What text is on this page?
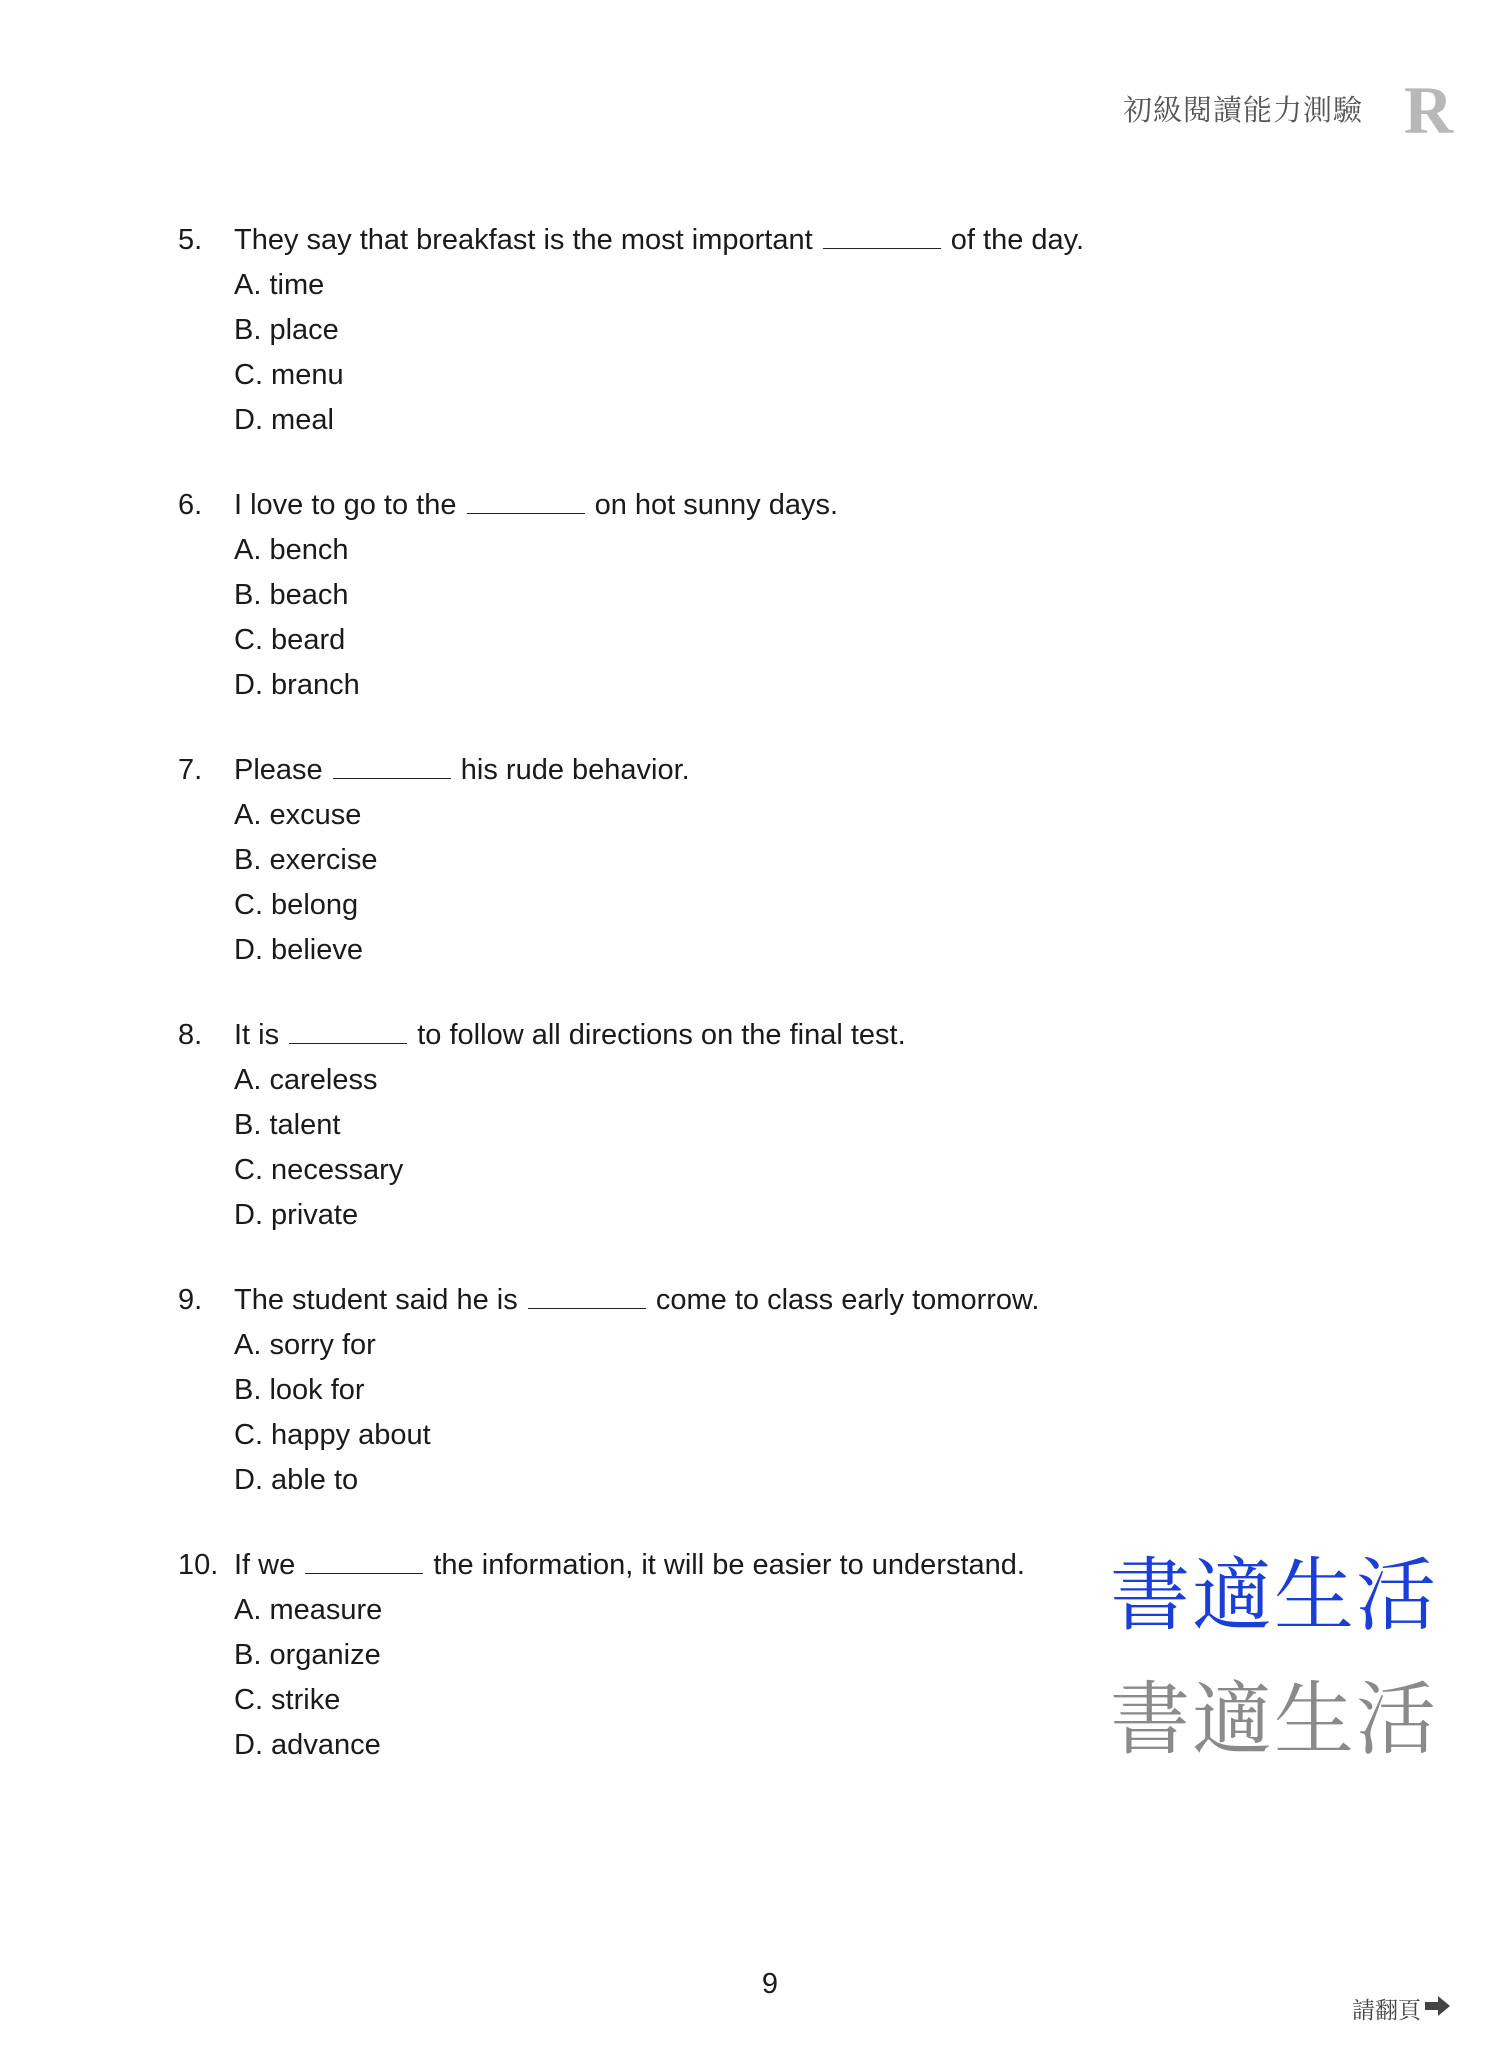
初級閱讀能力測驗 R
5. They say that breakfast is the most important	of the day.
A. time
B. place
C. menu
D. meal
6. I love to go to the	on hot sunny days.
A. bench
B. beach
C. beard
D. branch
7. Please	his rude behavior.
A. excuse
B. exercise
C. belong
D. believe
8. It is	to follow all directions on the final test.
A. careless
B. talent
C. necessary
D. private
9. The student said he is	come to class early tomorrow.
A. sorry for
B. look for
C. happy about
D. able to
10. If we	the information, it will be easier to understand.
A. measure
B. organize
C. strike
D. advance
書適生活
書適生活
9
請翻頁
